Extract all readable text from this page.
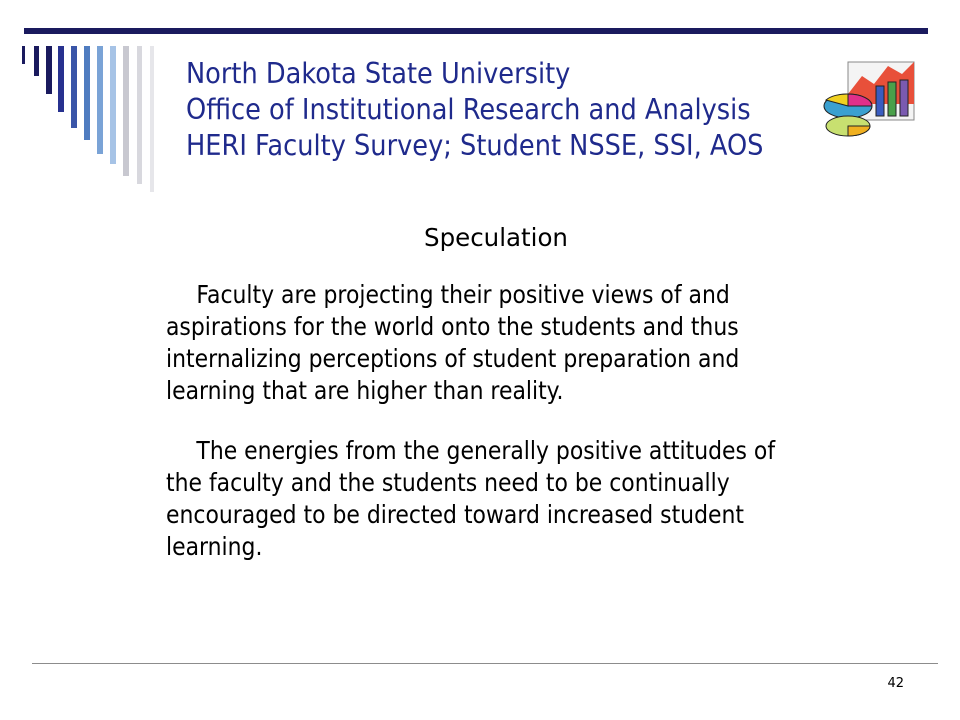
North Dakota State University
Office of Institutional Research and Analysis
HERI Faculty Survey; Student NSSE, SSI, AOS
Speculation
Faculty are projecting their positive views of and
aspirations for the world onto the students and thus
internalizing perceptions of student preparation and
learning that are higher than reality.
The energies from the generally positive attitudes of
the faculty and the students need to be continually
encouraged to be directed toward increased student
learning.
42
